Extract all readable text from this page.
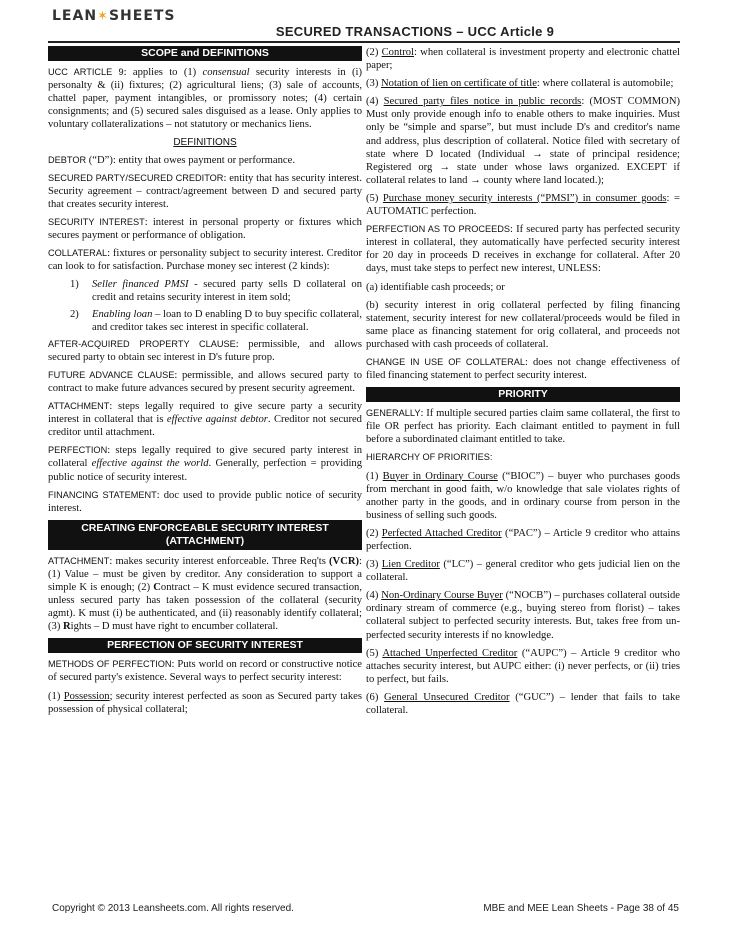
LEAN✶SHEETS
SECURED TRANSACTIONS – UCC Article 9
SCOPE and DEFINITIONS

UCC ARTICLE 9: applies to (1) consensual security interests in (i) personalty & (ii) fixtures; (2) agricultural liens; (3) sale of accounts, chattel paper, payment intangibles, or promissory notes; (4) certain consignments; and (5) secured sales disguised as a lease. Only applies to voluntary collateralizations – not statutory or mechanics liens.

DEFINITIONS

DEBTOR (“D”): entity that owes payment or performance.

SECURED PARTY/SECURED CREDITOR: entity that has security interest. Security agreement – contract/agreement between D and secured party that creates security interest.

SECURITY INTEREST: interest in personal property or fixtures which secures payment or performance of obligation.

COLLATERAL: fixtures or personality subject to security interest. Creditor can look to for satisfaction. Purchase money sec interest (2 kinds):

1) Seller financed PMSI - secured party sells D collateral on credit and retains security interest in item sold;
2) Enabling loan – loan to D enabling D to buy specific collateral, and creditor takes sec interest in specific collateral.

AFTER-ACQUIRED PROPERTY CLAUSE: permissible, and allows secured party to obtain sec interest in D's future prop.

FUTURE ADVANCE CLAUSE: permissible, and allows secured party to contract to make future advances secured by present security agreement.

ATTACHMENT: steps legally required to give secure party a security interest in collateral that is effective against debtor. Creditor not secured creditor until attachment.

PERFECTION: steps legally required to give secured party interest in collateral effective against the world. Generally, perfection = providing public notice of security interest.

FINANCING STATEMENT: doc used to provide public notice of security interest.

CREATING ENFORCEABLE SECURITY INTEREST
(ATTACHMENT)

ATTACHMENT: makes security interest enforceable. Three Req'ts (VCR): (1) Value – must be given by creditor. Any consideration to support a simple K is enough; (2) Contract – K must evidence secured transaction, unless secured party has taken possession of the collateral (security agmt). K must (i) be authenticated, and (ii) reasonably identify collateral; (3) Rights – D must have right to encumber collateral.

PERFECTION OF SECURITY INTEREST

METHODS OF PERFECTION: Puts world on record or constructive notice of secured party's existence. Several ways to perfect security interest:

(1) Possession; security interest perfected as soon as Secured party takes possession of physical collateral;

(2) Control: when collateral is investment property and electronic chattel paper;

(3) Notation of lien on certificate of title: where collateral is automobile;

(4) Secured party files notice in public records: (MOST COMMON) Must only provide enough info to enable others to make inquiries. Must only be “simple and sparse”, but must include D's and creditor's name and address, plus description of collateral. Notice filed with secretary of state where D located (Individual → state of principal residence; Registered org → state under whose laws organized. EXCEPT if collateral relates to land → county where land located.);

(5) Purchase money security interests (“PMSI”) in consumer goods: = AUTOMATIC perfection.

PERFECTION AS TO PROCEEDS: If secured party has perfected security interest in collateral, they automatically have perfected security interest for 20 day in proceeds D receives in exchange for collateral. After 20 days, must take steps to perfect new interest, UNLESS:

(a) identifiable cash proceeds; or

(b) security interest in orig collateral perfected by filing financing statement, security interest for new collateral/proceeds would be filed in same place as financing statement for orig collateral, and proceeds not purchased with cash proceeds of collateral.

CHANGE IN USE OF COLLATERAL: does not change effectiveness of filed financing statement to perfect security interest.

PRIORITY

GENERALLY: If multiple secured parties claim same collateral, the first to file OR perfect has priority. Each claimant entitled to payment in full before a subordinated claimant entitled to take.

HIERARCHY OF PRIORITIES:

(1) Buyer in Ordinary Course (“BIOC”) – buyer who purchases goods from merchant in good faith, w/o knowledge that sale violates rights of another party in the goods, and in ordinary course from person in the business of selling such goods.

(2) Perfected Attached Creditor (“PAC”) – Article 9 creditor who attains perfection.

(3) Lien Creditor (“LC”) – general creditor who gets judicial lien on the collateral.

(4) Non-Ordinary Course Buyer (“NOCB”) – purchases collateral outside ordinary stream of commerce (e.g., buying stereo from florist) – takes collateral subject to perfected security interests. But, takes free from un-perfected security interests if no knowledge.

(5) Attached Unperfected Creditor (“AUPC”) – Article 9 creditor who attaches security interest, but AUPC either: (i) never perfects, or (ii) tries to perfect, but fails.

(6) General Unsecured Creditor (“GUC”) – lender that fails to take collateral.

Copyright © 2013 Leansheets.com. All rights reserved.	MBE and MEE Lean Sheets - Page 38 of 45
